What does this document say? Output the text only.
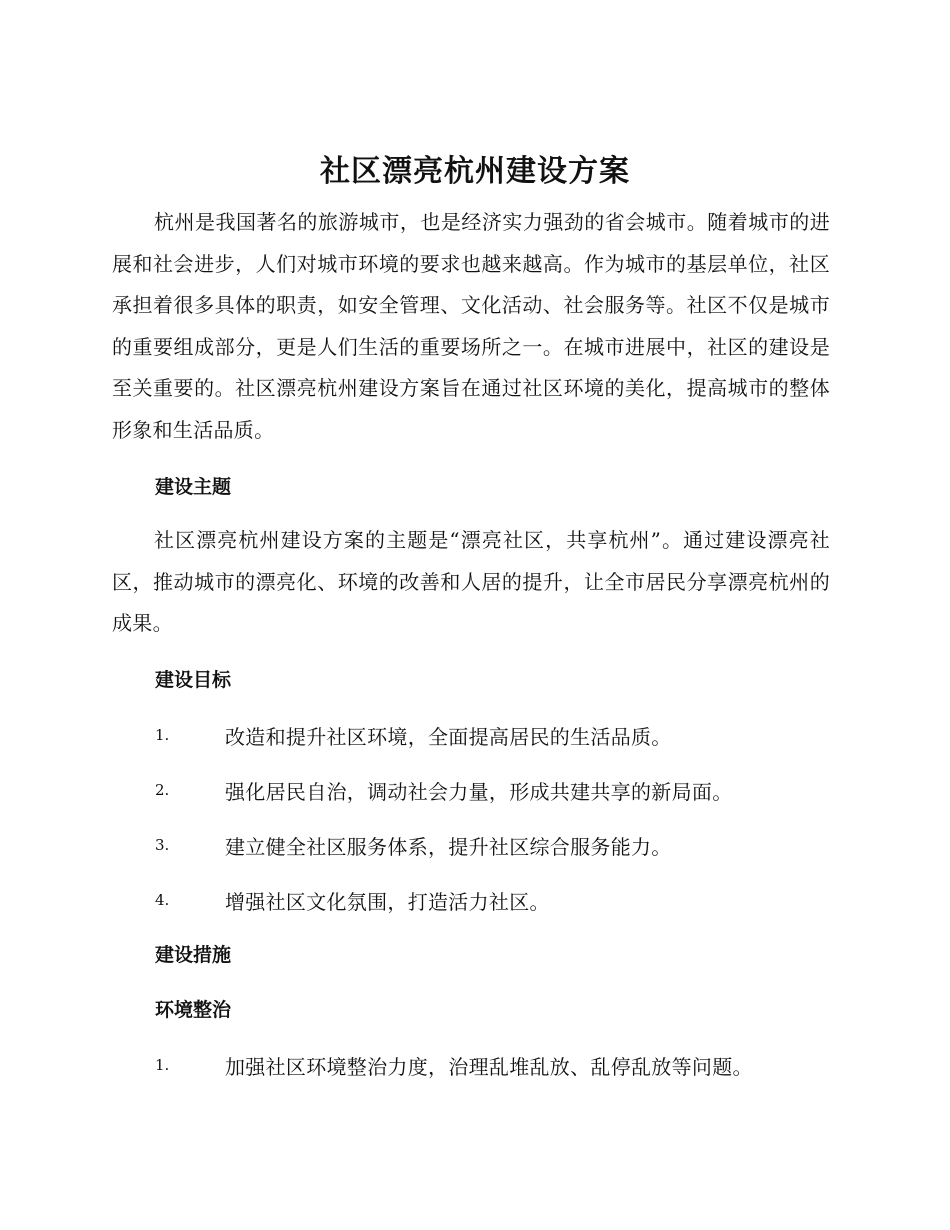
社区漂亮杭州建设方案

杭州是我国著名的旅游城市，也是经济实力强劲的省会城市。随着城市的进展和社会进步，人们对城市环境的要求也越来越高。作为城市的基层单位，社区承担着很多具体的职责，如安全管理、文化活动、社会服务等。社区不仅是城市的重要组成部分，更是人们生活的重要场所之一。在城市进展中，社区的建设是至关重要的。社区漂亮杭州建设方案旨在通过社区环境的美化，提高城市的整体形象和生活品质。

建设主题

社区漂亮杭州建设方案的主题是“漂亮社区，共享杭州”。通过建设漂亮社区，推动城市的漂亮化、环境的改善和人居的提升，让全市居民分享漂亮杭州的成果。

建设目标
1.	改造和提升社区环境，全面提高居民的生活品质。
2.	强化居民自治，调动社会力量，形成共建共享的新局面。
3.	建立健全社区服务体系，提升社区综合服务能力。
4.	增强社区文化氛围，打造活力社区。
建设措施
环境整治
1.	加强社区环境整治力度，治理乱堆乱放、乱停乱放等问题。
